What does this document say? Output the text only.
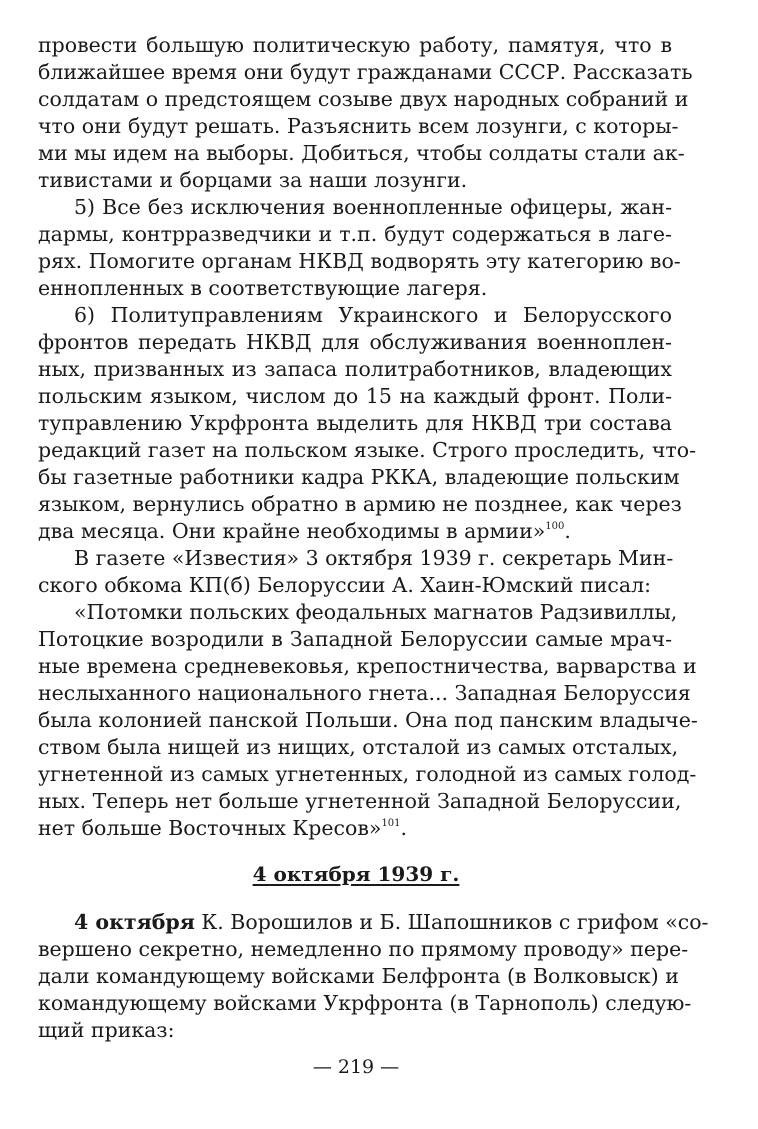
провести большую политическую работу, памятуя, что в
ближайшее время они будут гражданами СССР. Рассказать
солдатам о предстоящем созыве двух народных собраний и
что они будут решать. Разъяснить всем лозунги, с которы-
ми мы идем на выборы. Добиться, чтобы солдаты стали ак-
тивистами и борцами за наши лозунги.
5) Все без исключения военнопленные офицеры, жан-
дармы, контрразведчики и т.п. будут содержаться в лаге-
рях. Помогите органам НКВД водворять эту категорию во-
еннопленных в соответствующие лагеря.
6) Политуправлениям Украинского и Белорусского
фронтов передать НКВД для обслуживания военноплен-
ных, призванных из запаса политработников, владеющих
польским языком, числом до 15 на каждый фронт. Поли-
туправлению Укрфронта выделить для НКВД три состава
редакций газет на польском языке. Строго проследить, что-
бы газетные работники кадра РККА, владеющие польским
языком, вернулись обратно в армию не позднее, как через
два месяца. Они крайне необходимы в армии»$^{100}$.
В газете «Известия» 3 октября 1939 г. секретарь Мин-
ского обкома КП(б) Белоруссии А. Хаин-Юмский писал:
«Потомки польских феодальных магнатов Радзивиллы,
Потоцкие возродили в Западной Белоруссии самые мрач-
ные времена средневековья, крепостничества, варварства и
неслыханного национального гнета... Западная Белоруссия
была колонией панской Польши. Она под панским владыче-
ством была нищей из нищих, отсталой из самых отсталых,
угнетенной из самых угнетенных, голодной из самых голод-
ных. Теперь нет больше угнетенной Западной Белоруссии,
нет больше Восточных Кресов»$^{101}$.
4 октября 1939 г.
4 октября К. Ворошилов и Б. Шапошников с грифом «со-
вершено секретно, немедленно по прямому проводу» пере-
дали командующему войсками Белфронта (в Волковыск) и
командующему войсками Укрфронта (в Тарнополь) следую-
щий приказ:
— 219 —
